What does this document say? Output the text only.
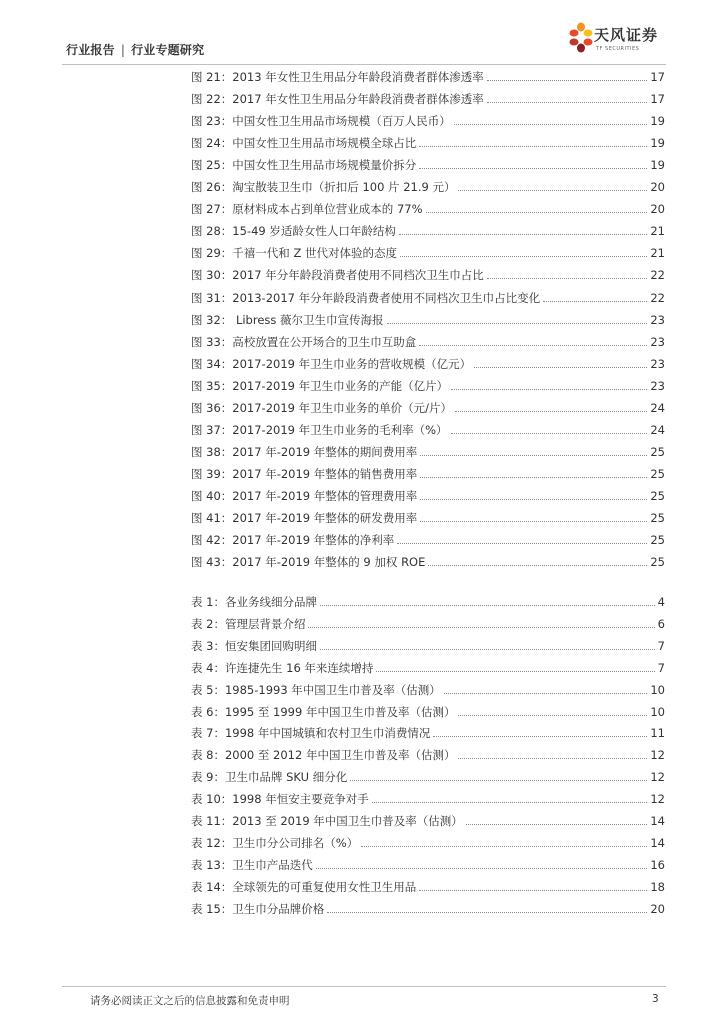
行业报告 | 行业专题研究
天风证券
TF SECURITIES
图 21：2013 年女性卫生用品分年龄段消费者群体渗透率	17
图 22：2017 年女性卫生用品分年龄段消费者群体渗透率	17
图 23：中国女性卫生用品市场规模（百万人民币）	19
图 24：中国女性卫生用品市场规模全球占比	19
图 25：中国女性卫生用品市场规模量价拆分	19
图 26：淘宝散装卫生巾（折扣后 100 片 21.9 元）	20
图 27：原材料成本占到单位营业成本的 77%	20
图 28：15-49 岁适龄女性人口年龄结构	21
图 29：千禧一代和 Z 世代对体验的态度	21
图 30：2017 年分年龄段消费者使用不同档次卫生巾占比	22
图 31：2013-2017 年分年龄段消费者使用不同档次卫生巾占比变化	22
图 32： Libress 薇尔卫生巾宣传海报	23
图 33：高校放置在公开场合的卫生巾互助盒	23
图 34：2017-2019 年卫生巾业务的营收规模（亿元）	23
图 35：2017-2019 年卫生巾业务的产能（亿片）	23
图 36：2017-2019 年卫生巾业务的单价（元/片）	24
图 37：2017-2019 年卫生巾业务的毛利率（%）	24
图 38：2017 年-2019 年整体的期间费用率	25
图 39：2017 年-2019 年整体的销售费用率	25
图 40：2017 年-2019 年整体的管理费用率	25
图 41：2017 年-2019 年整体的研发费用率	25
图 42：2017 年-2019 年整体的净利率	25
图 43：2017 年-2019 年整体的 9 加权 ROE	25
表 1：各业务线细分品牌	4
表 2：管理层背景介绍	6
表 3：恒安集团回购明细	7
表 4：许连捷先生 16 年来连续增持	7
表 5：1985-1993 年中国卫生巾普及率（估测）	10
表 6：1995 至 1999 年中国卫生巾普及率（估测）	10
表 7：1998 年中国城镇和农村卫生巾消费情况	11
表 8：2000 至 2012 年中国卫生巾普及率（估测）	12
表 9：卫生巾品牌 SKU 细分化	12
表 10：1998 年恒安主要竞争对手	12
表 11：2013 至 2019 年中国卫生巾普及率（估测）	14
表 12：卫生巾分公司排名（%）	14
表 13：卫生巾产品迭代	16
表 14：全球领先的可重复使用女性卫生用品	18
表 15：卫生巾分品牌价格	20
请务必阅读正文之后的信息披露和免责申明	3
